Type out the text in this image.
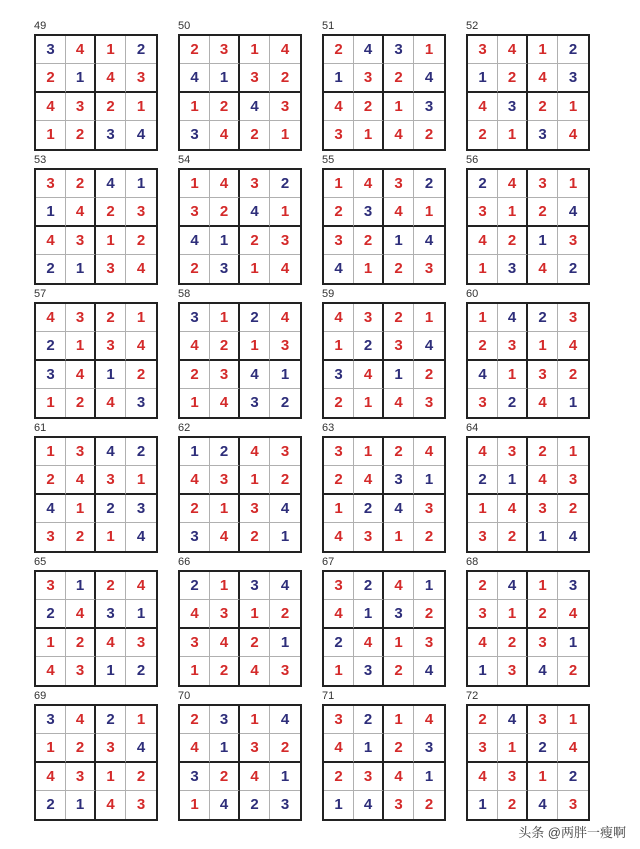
49
3	4	1	2
2	1	4	3
4	3	2	1
1	2	3	4
50
2	3	1	4
4	1	3	2
1	2	4	3
3	4	2	1
51
2	4	3	1
1	3	2	4
4	2	1	3
3	1	4	2
52
3	4	1	2
1	2	4	3
4	3	2	1
2	1	3	4
53
3	2	4	1
1	4	2	3
4	3	1	2
2	1	3	4
54
1	4	3	2
3	2	4	1
4	1	2	3
2	3	1	4
55
1	4	3	2
2	3	4	1
3	2	1	4
4	1	2	3
56
2	4	3	1
3	1	2	4
4	2	1	3
1	3	4	2
57
4	3	2	1
2	1	3	4
3	4	1	2
1	2	4	3
58
3	1	2	4
4	2	1	3
2	3	4	1
1	4	3	2
59
4	3	2	1
1	2	3	4
3	4	1	2
2	1	4	3
60
1	4	2	3
2	3	1	4
4	1	3	2
3	2	4	1
61
1	3	4	2
2	4	3	1
4	1	2	3
3	2	1	4
62
1	2	4	3
4	3	1	2
2	1	3	4
3	4	2	1
63
3	1	2	4
2	4	3	1
1	2	4	3
4	3	1	2
64
4	3	2	1
2	1	4	3
1	4	3	2
3	2	1	4
65
3	1	2	4
2	4	3	1
1	2	4	3
4	3	1	2
66
2	1	3	4
4	3	1	2
3	4	2	1
1	2	4	3
67
3	2	4	1
4	1	3	2
2	4	1	3
1	3	2	4
68
2	4	1	3
3	1	2	4
4	2	3	1
1	3	4	2
69
3	4	2	1
1	2	3	4
4	3	1	2
2	1	4	3
70
2	3	1	4
4	1	3	2
3	2	4	1
1	4	2	3
71
3	2	1	4
4	1	2	3
2	3	4	1
1	4	3	2
72
2	4	3	1
3	1	2	4
4	3	1	2
1	2	4	3
头条 @两胖一瘦啊
